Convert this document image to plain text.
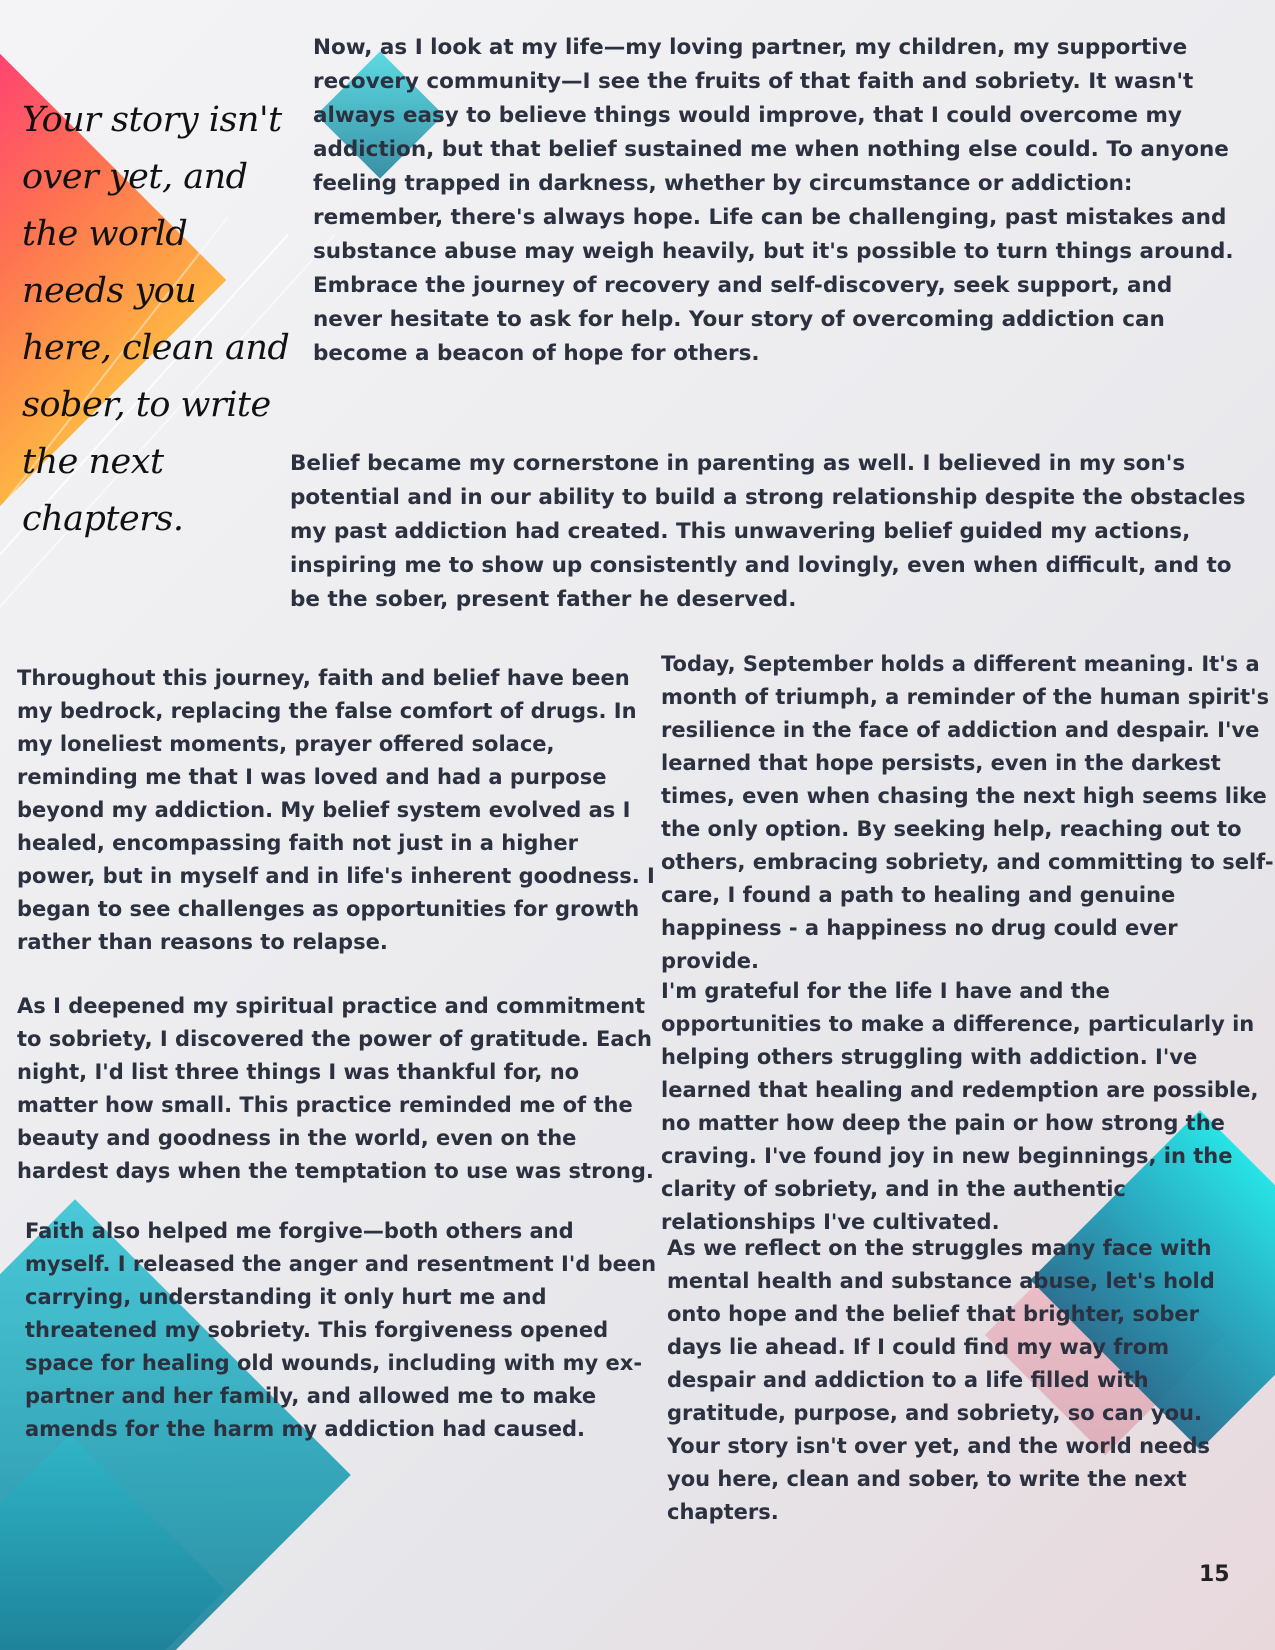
Your story isn't over yet, and the world needs you here, clean and sober, to write the next chapters.

Now, as I look at my life—my loving partner, my children, my supportive recovery community—I see the fruits of that faith and sobriety. It wasn't always easy to believe things would improve, that I could overcome my addiction, but that belief sustained me when nothing else could. To anyone feeling trapped in darkness, whether by circumstance or addiction: remember, there's always hope. Life can be challenging, past mistakes and substance abuse may weigh heavily, but it's possible to turn things around. Embrace the journey of recovery and self-discovery, seek support, and never hesitate to ask for help. Your story of overcoming addiction can become a beacon of hope for others.

Belief became my cornerstone in parenting as well. I believed in my son's potential and in our ability to build a strong relationship despite the obstacles my past addiction had created. This unwavering belief guided my actions, inspiring me to show up consistently and lovingly, even when difficult, and to be the sober, present father he deserved.

Throughout this journey, faith and belief have been my bedrock, replacing the false comfort of drugs. In my loneliest moments, prayer offered solace, reminding me that I was loved and had a purpose beyond my addiction. My belief system evolved as I healed, encompassing faith not just in a higher power, but in myself and in life's inherent goodness. I began to see challenges as opportunities for growth rather than reasons to relapse.

As I deepened my spiritual practice and commitment to sobriety, I discovered the power of gratitude. Each night, I'd list three things I was thankful for, no matter how small. This practice reminded me of the beauty and goodness in the world, even on the hardest days when the temptation to use was strong.

Faith also helped me forgive—both others and myself. I released the anger and resentment I'd been carrying, understanding it only hurt me and threatened my sobriety. This forgiveness opened space for healing old wounds, including with my ex-partner and her family, and allowed me to make amends for the harm my addiction had caused.

Today, September holds a different meaning. It's a month of triumph, a reminder of the human spirit's resilience in the face of addiction and despair. I've learned that hope persists, even in the darkest times, even when chasing the next high seems like the only option. By seeking help, reaching out to others, embracing sobriety, and committing to self-care, I found a path to healing and genuine happiness - a happiness no drug could ever provide.

I'm grateful for the life I have and the opportunities to make a difference, particularly in helping others struggling with addiction. I've learned that healing and redemption are possible, no matter how deep the pain or how strong the craving. I've found joy in new beginnings, in the clarity of sobriety, and in the authentic relationships I've cultivated.

As we reflect on the struggles many face with mental health and substance abuse, let's hold onto hope and the belief that brighter, sober days lie ahead. If I could find my way from despair and addiction to a life filled with gratitude, purpose, and sobriety, so can you. Your story isn't over yet, and the world needs you here, clean and sober, to write the next chapters.

15
